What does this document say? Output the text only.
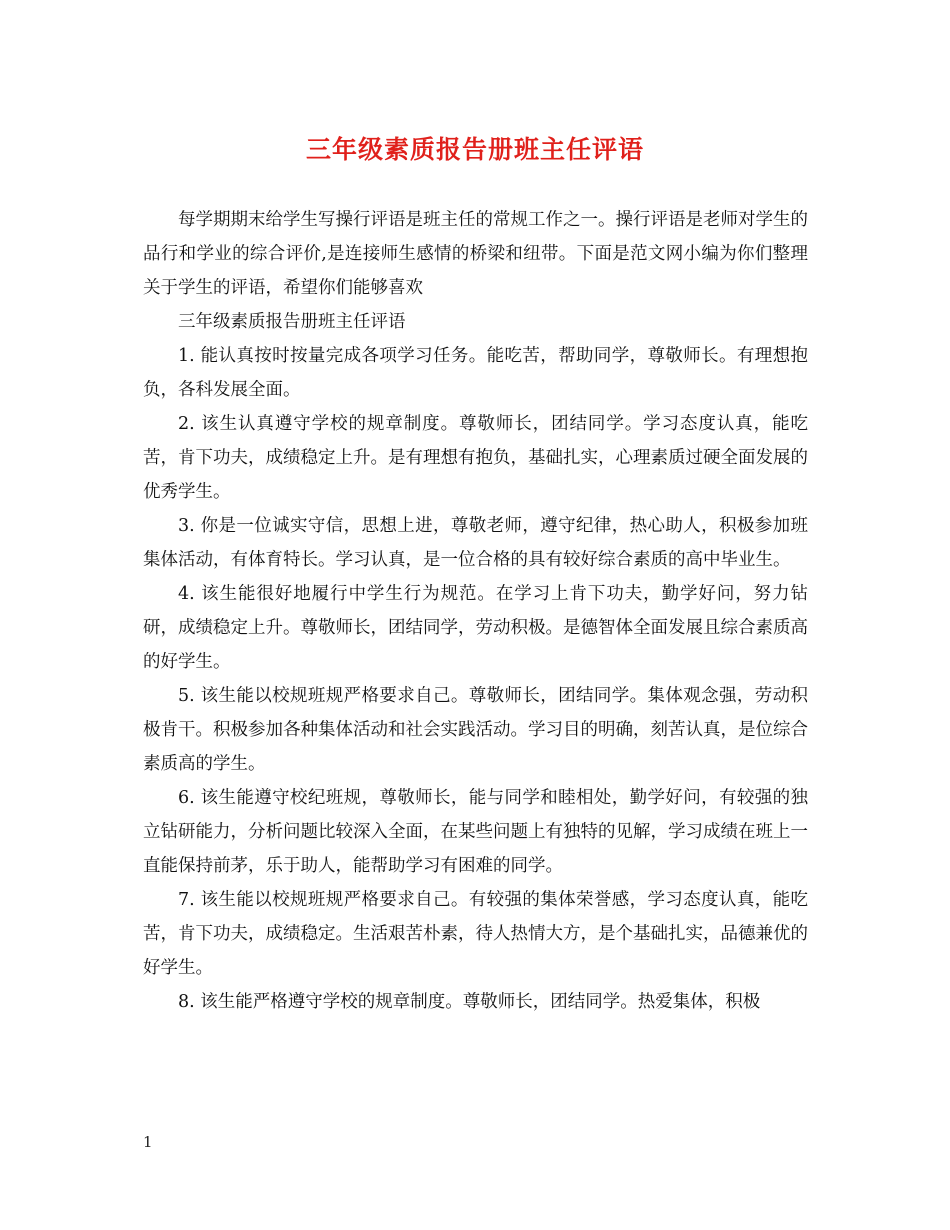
三年级素质报告册班主任评语

每学期期末给学生写操行评语是班主任的常规工作之一。操行评语是老师对学生的品行和学业的综合评价,是连接师生感情的桥梁和纽带。下面是范文网小编为你们整理关于学生的评语，希望你们能够喜欢

三年级素质报告册班主任评语

1. 能认真按时按量完成各项学习任务。能吃苦，帮助同学，尊敬师长。有理想抱负，各科发展全面。

2. 该生认真遵守学校的规章制度。尊敬师长，团结同学。学习态度认真，能吃苦，肯下功夫，成绩稳定上升。是有理想有抱负，基础扎实，心理素质过硬全面发展的优秀学生。

3. 你是一位诚实守信，思想上进，尊敬老师，遵守纪律，热心助人，积极参加班集体活动，有体育特长。学习认真，是一位合格的具有较好综合素质的高中毕业生。

4. 该生能很好地履行中学生行为规范。在学习上肯下功夫，勤学好问，努力钻研，成绩稳定上升。尊敬师长，团结同学，劳动积极。是德智体全面发展且综合素质高的好学生。

5. 该生能以校规班规严格要求自己。尊敬师长，团结同学。集体观念强，劳动积极肯干。积极参加各种集体活动和社会实践活动。学习目的明确，刻苦认真，是位综合素质高的学生。

6. 该生能遵守校纪班规，尊敬师长，能与同学和睦相处，勤学好问，有较强的独立钻研能力，分析问题比较深入全面，在某些问题上有独特的见解，学习成绩在班上一直能保持前茅，乐于助人，能帮助学习有困难的同学。

7. 该生能以校规班规严格要求自己。有较强的集体荣誉感，学习态度认真，能吃苦，肯下功夫，成绩稳定。生活艰苦朴素，待人热情大方，是个基础扎实，品德兼优的好学生。

8. 该生能严格遵守学校的规章制度。尊敬师长，团结同学。热爱集体，积极

1
